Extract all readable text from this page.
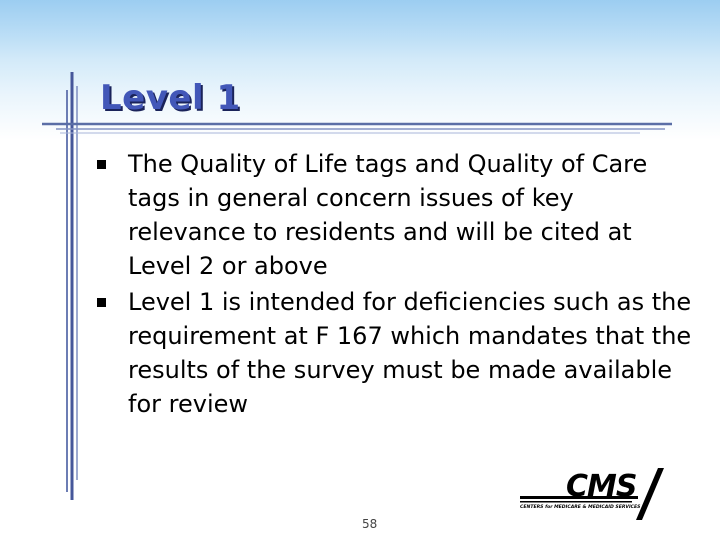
Level 1
The Quality of Life tags and Quality of Care tags in general concern issues of key relevance to residents and will be cited at Level 2 or above
Level 1 is intended for deficiencies such as the requirement at F 167 which mandates that the results of the survey must be made available for review
58
CMS
CENTERS for MEDICARE & MEDICAID SERVICES
